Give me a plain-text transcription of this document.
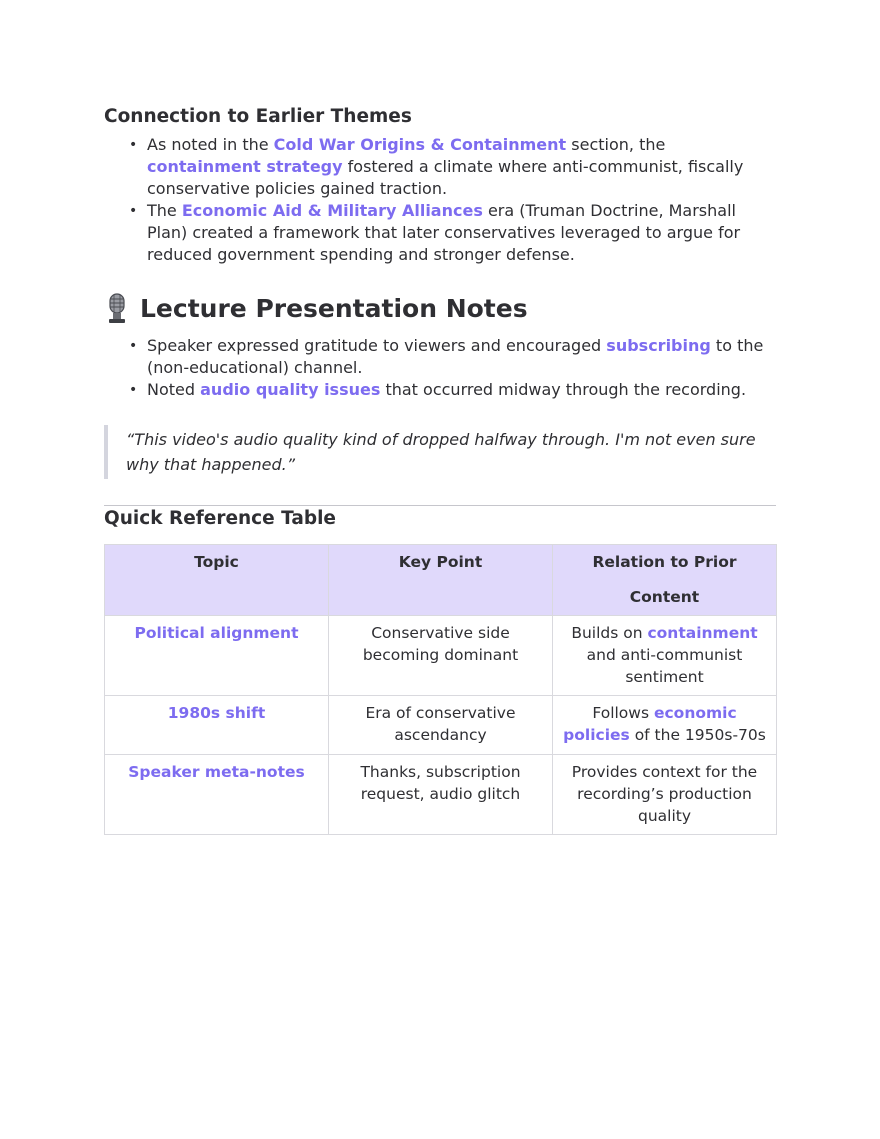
Connection to Earlier Themes
• As noted in the Cold War Origins & Containment section, the containment strategy fostered a climate where anti-communist, fiscally conservative policies gained traction.
• The Economic Aid & Military Alliances era (Truman Doctrine, Marshall Plan) created a framework that later conservatives leveraged to argue for reduced government spending and stronger defense.
Lecture Presentation Notes
• Speaker expressed gratitude to viewers and encouraged subscribing to the (non-educational) channel.
• Noted audio quality issues that occurred midway through the recording.
“This video's audio quality kind of dropped halfway through. I'm not even sure why that happened.”
Quick Reference Table
Topic	Key Point	Relation to Prior Content
Political alignment	Conservative side becoming dominant	Builds on containment and anti-communist sentiment
1980s shift	Era of conservative ascendancy	Follows economic policies of the 1950s-70s
Speaker meta-notes	Thanks, subscription request, audio glitch	Provides context for the recording’s production quality
